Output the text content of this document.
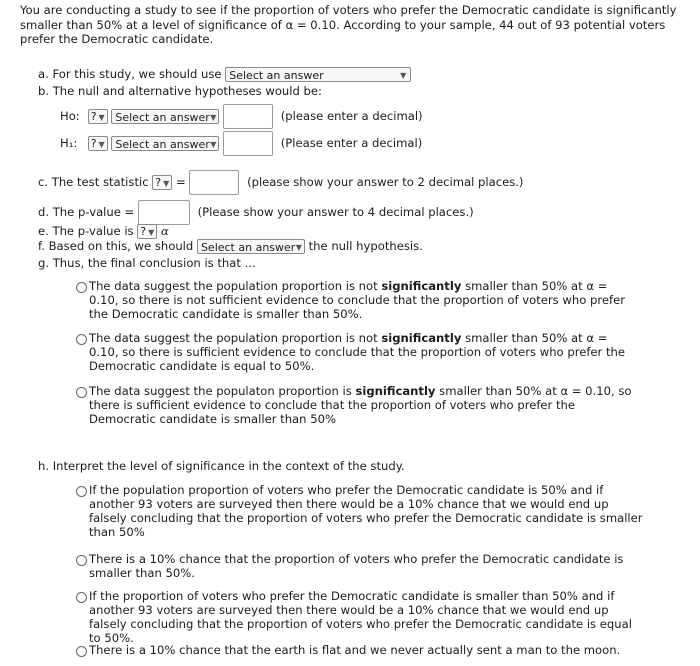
You are conducting a study to see if the proportion of voters who prefer the Democratic candidate is significantly smaller than 50% at a level of significance of α = 0.10. According to your sample, 44 out of 93 potential voters prefer the Democratic candidate.
a. For this study, we should use Select an answer	▼
b. The null and alternative hypotheses would be:
Ho: ? ▼ Select an answer ▼	(please enter a decimal)
H₁: ? ▼ Select an answer ▼	(Please enter a decimal)
c. The test statistic ? ▼ =	(please show your answer to 2 decimal places.)
d. The p-value =	(Please show your answer to 4 decimal places.)
e. The p-value is ? ▼ α
f. Based on this, we should Select an answer ▼ the null hypothesis.
g. Thus, the final conclusion is that ...
The data suggest the population proportion is not significantly smaller than 50% at α = 0.10, so there is not sufficient evidence to conclude that the proportion of voters who prefer the Democratic candidate is smaller than 50%.
The data suggest the population proportion is not significantly smaller than 50% at α = 0.10, so there is sufficient evidence to conclude that the proportion of voters who prefer the Democratic candidate is equal to 50%.
The data suggest the populaton proportion is significantly smaller than 50% at α = 0.10, so there is sufficient evidence to conclude that the proportion of voters who prefer the Democratic candidate is smaller than 50%
h. Interpret the level of significance in the context of the study.
If the population proportion of voters who prefer the Democratic candidate is 50% and if another 93 voters are surveyed then there would be a 10% chance that we would end up falsely concluding that the proportion of voters who prefer the Democratic candidate is smaller than 50%
There is a 10% chance that the proportion of voters who prefer the Democratic candidate is smaller than 50%.
If the proportion of voters who prefer the Democratic candidate is smaller than 50% and if another 93 voters are surveyed then there would be a 10% chance that we would end up falsely concluding that the proportion of voters who prefer the Democratic candidate is equal to 50%.
There is a 10% chance that the earth is flat and we never actually sent a man to the moon.
